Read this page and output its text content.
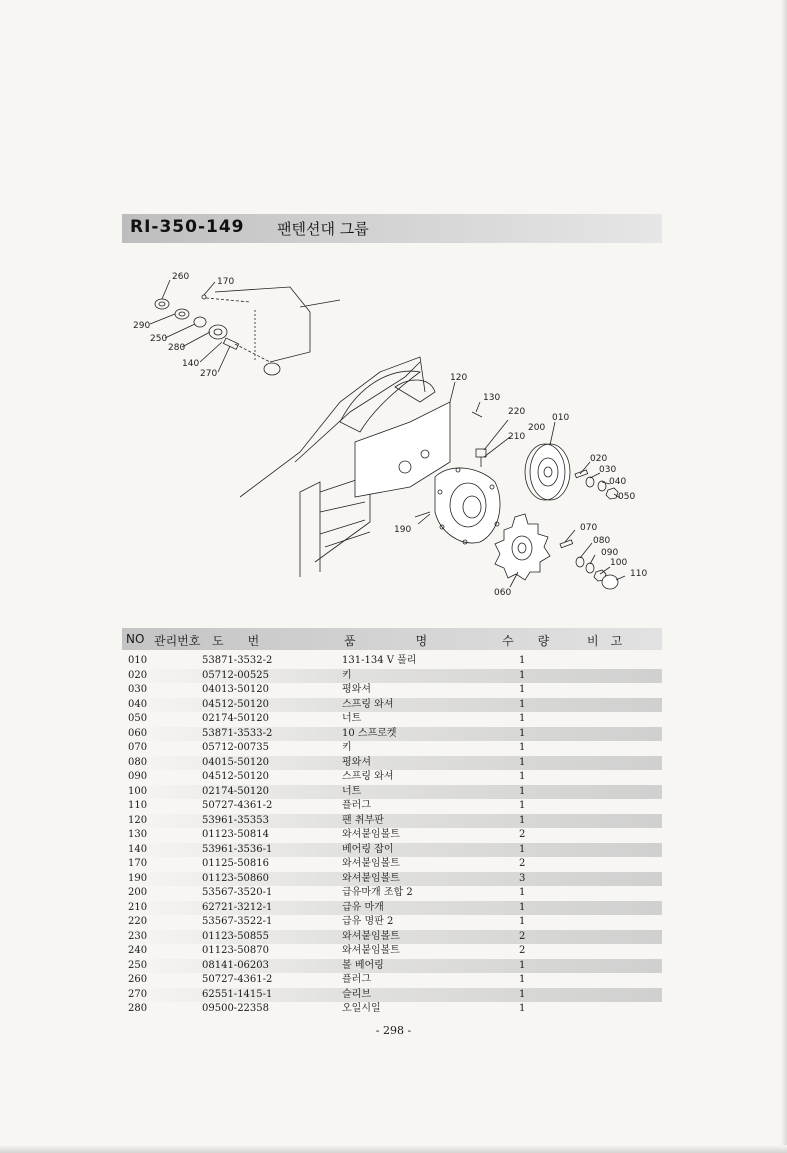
RI-350-149 팬텐션대 그룹
260	170
290
250
280
140
270	120
130
220
210
200
010
020
030
040
050
190	070
080
090
100
110
060
NO 관리번호 도　　번	품　　　　　명	수　　량	비　고
010	53871-3532-2	131-134 V 풀리	1
020	05712-00525	키	1
030	04013-50120	평와셔	1
040	04512-50120	스프링 와셔	1
050	02174-50120	너트	1
060	53871-3533-2	10 스프로켓	1
070	05712-00735	키	1
080	04015-50120	평와셔	1
090	04512-50120	스프링 와셔	1
100	02174-50120	너트	1
110	50727-4361-2	플러그	1
120	53961-35353	팬 취부판	1
130	01123-50814	와셔붙임볼트	2
140	53961-3536-1	베어링 잡이	1
170	01125-50816	와셔붙임볼트	2
190	01123-50860	와셔붙임볼트	3
200	53567-3520-1	급유마개 조합 2	1
210	62721-3212-1	급유 마개	1
220	53567-3522-1	급유 명판 2	1
230	01123-50855	와셔붙임볼트	2
240	01123-50870	와셔붙임볼트	2
250	08141-06203	볼 베어링	1
260	50727-4361-2	플러그	1
270	62551-1415-1	슬리브	1
280	09500-22358	오일시일	1
- 298 -
